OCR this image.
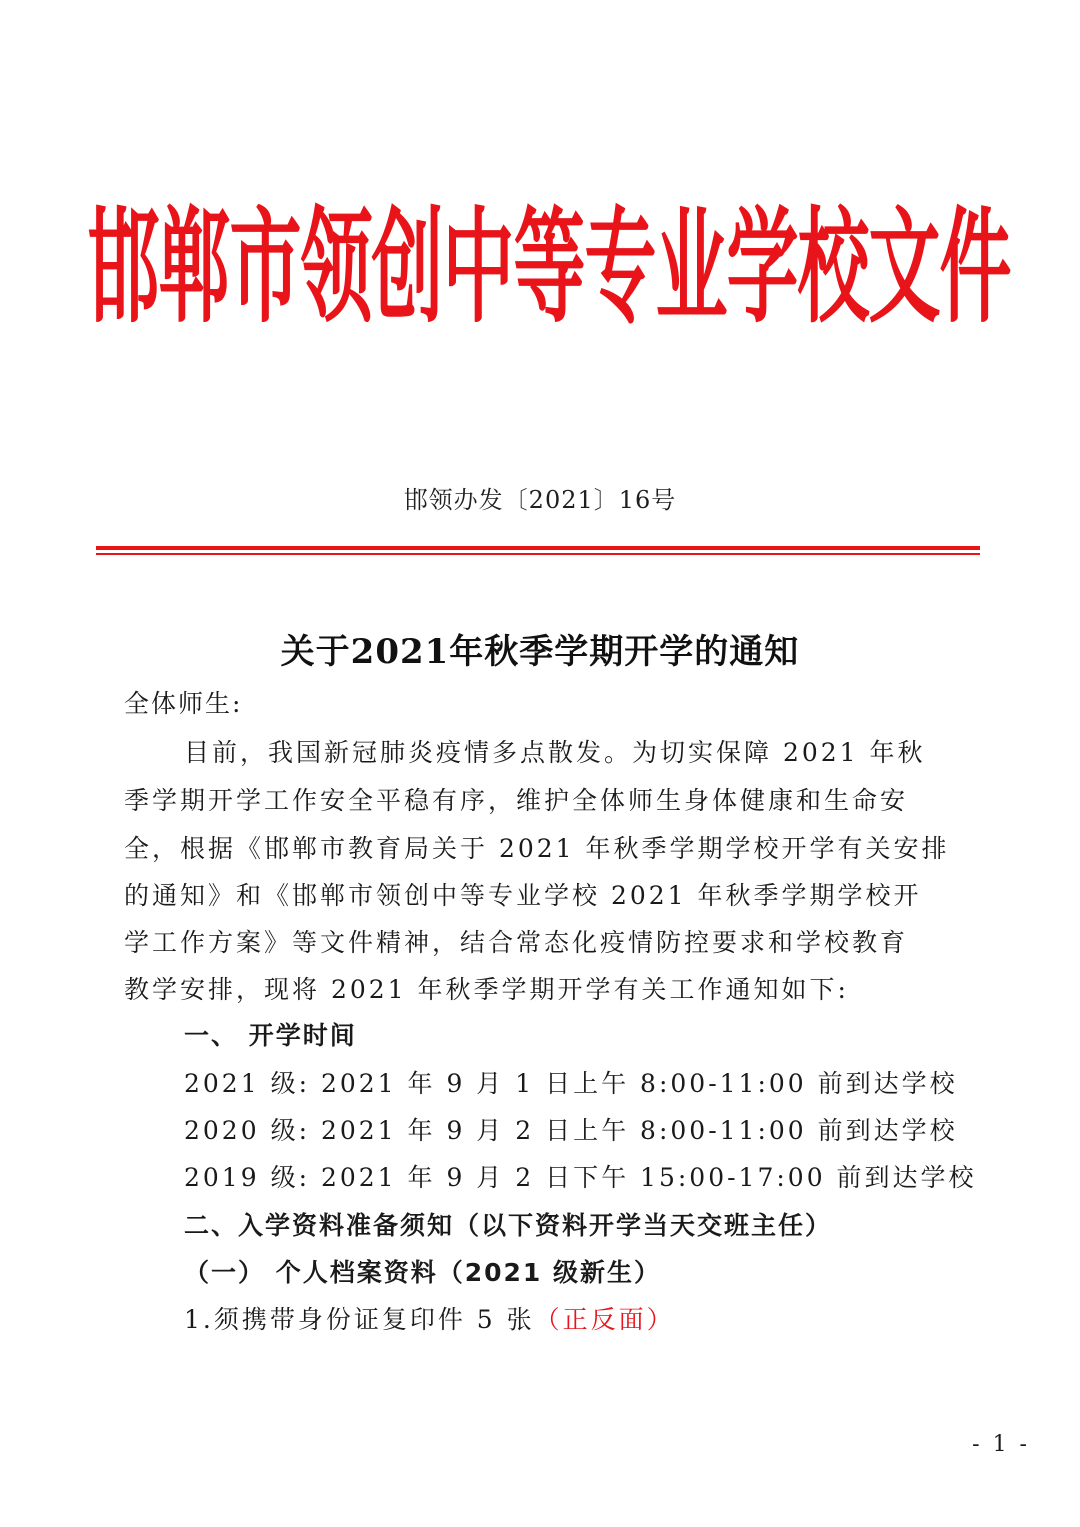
邯郸市领创中等专业学校文件
邯领办发〔2021〕16号
关于2021年秋季学期开学的通知
全体师生:
目前，我国新冠肺炎疫情多点散发。为切实保障 2021 年秋
季学期开学工作安全平稳有序，维护全体师生身体健康和生命安
全，根据《邯郸市教育局关于 2021 年秋季学期学校开学有关安排
的通知》和《邯郸市领创中等专业学校 2021 年秋季学期学校开
学工作方案》等文件精神，结合常态化疫情防控要求和学校教育
教学安排，现将 2021 年秋季学期开学有关工作通知如下:
一、 开学时间
2021 级: 2021 年 9 月 1 日上午 8:00-11:00 前到达学校
2020 级: 2021 年 9 月 2 日上午 8:00-11:00 前到达学校
2019 级: 2021 年 9 月 2 日下午 15:00-17:00 前到达学校
二、入学资料准备须知（以下资料开学当天交班主任）
（一） 个人档案资料（2021 级新生）
1.须携带身份证复印件 5 张（正反面）
- 1 -
